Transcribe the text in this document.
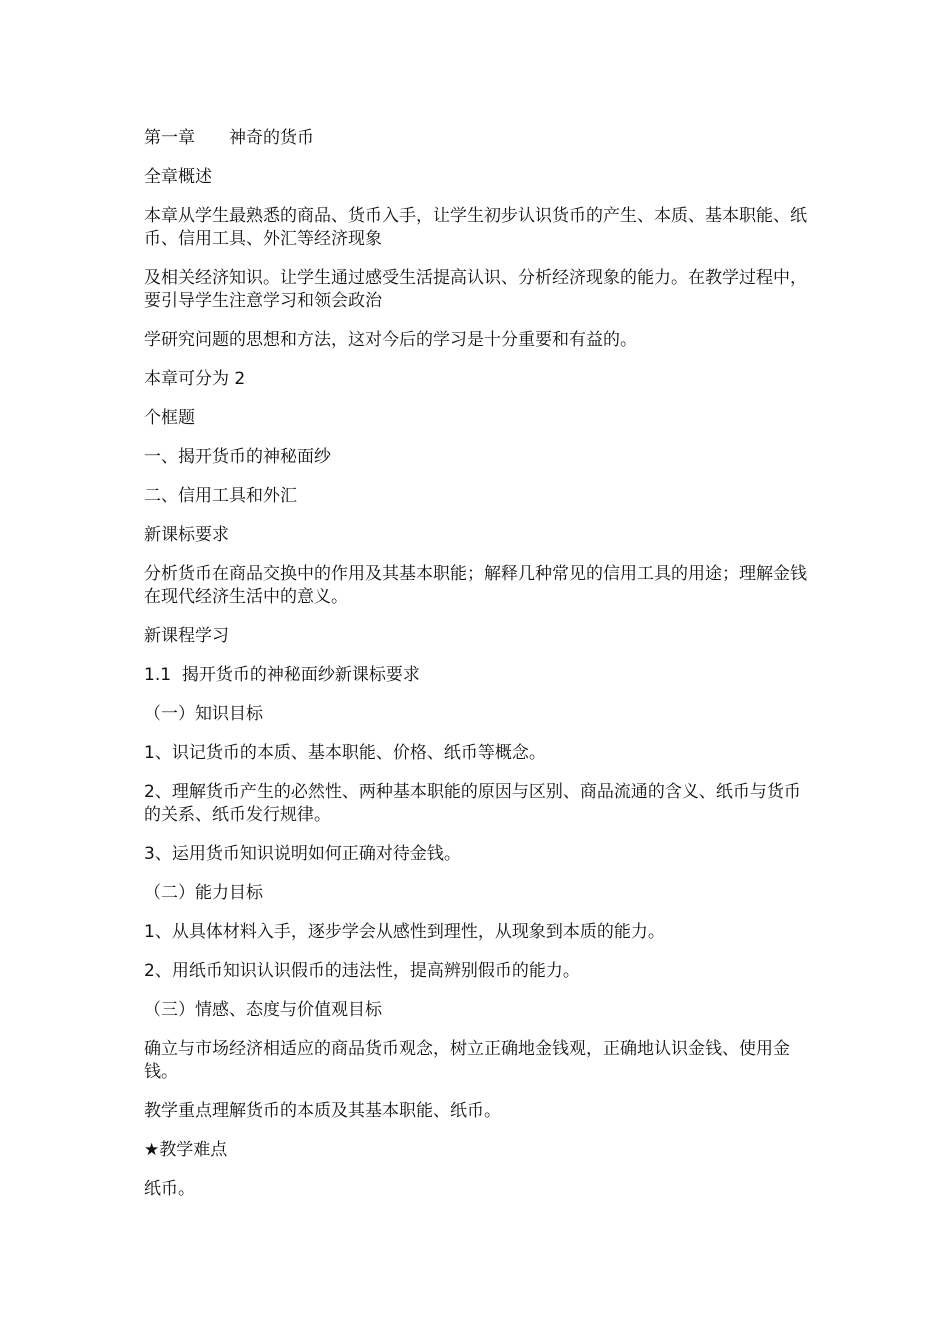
第一章　　神奇的货币

全章概述

本章从学生最熟悉的商品、货币入手，让学生初步认识货币的产生、本质、基本职能、纸币、信用工具、外汇等经济现象

及相关经济知识。让学生通过感受生活提高认识、分析经济现象的能力。在教学过程中，要引导学生注意学习和领会政治

学研究问题的思想和方法，这对今后的学习是十分重要和有益的。

本章可分为 2

个框题

一、揭开货币的神秘面纱

二、信用工具和外汇

新课标要求

分析货币在商品交换中的作用及其基本职能；解释几种常见的信用工具的用途；理解金钱在现代经济生活中的意义。

新课程学习

1.1  揭开货币的神秘面纱新课标要求

（一）知识目标

1、识记货币的本质、基本职能、价格、纸币等概念。

2、理解货币产生的必然性、两种基本职能的原因与区别、商品流通的含义、纸币与货币的关系、纸币发行规律。

3、运用货币知识说明如何正确对待金钱。

（二）能力目标

1、从具体材料入手，逐步学会从感性到理性，从现象到本质的能力。

2、用纸币知识认识假币的违法性，提高辨别假币的能力。

（三）情感、态度与价值观目标

确立与市场经济相适应的商品货币观念，树立正确地金钱观，正确地认识金钱、使用金钱。

教学重点理解货币的本质及其基本职能、纸币。

★教学难点

纸币。
